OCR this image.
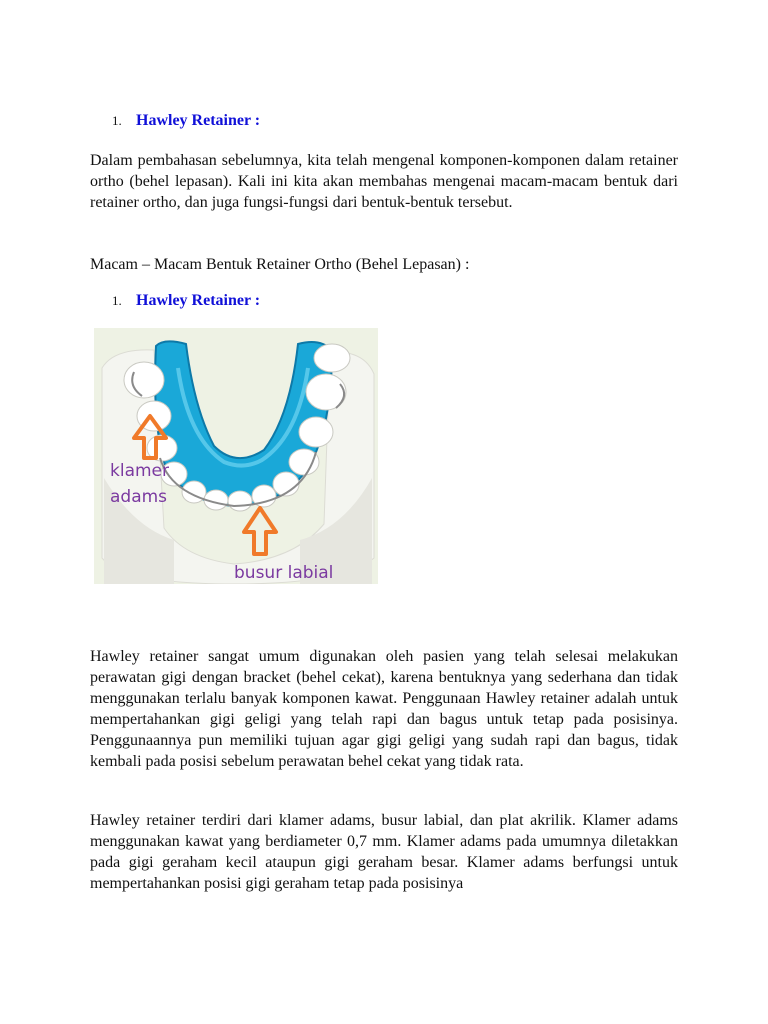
1. Hawley Retainer :

Dalam pembahasan sebelumnya, kita telah mengenal komponen-komponen dalam retainer ortho (behel lepasan). Kali ini kita akan membahas mengenai macam-macam bentuk dari retainer ortho, dan juga fungsi-fungsi dari bentuk-bentuk tersebut.

Macam – Macam Bentuk Retainer Ortho (Behel Lepasan) :

1. Hawley Retainer :
klamer
adams
busur labial

Hawley retainer sangat umum digunakan oleh pasien yang telah selesai melakukan perawatan gigi dengan bracket (behel cekat), karena bentuknya yang sederhana dan tidak menggunakan terlalu banyak komponen kawat. Penggunaan Hawley retainer adalah untuk mempertahankan gigi geligi yang telah rapi dan bagus untuk tetap pada posisinya. Penggunaannya pun memiliki tujuan agar gigi geligi yang sudah rapi dan bagus, tidak kembali pada posisi sebelum perawatan behel cekat yang tidak rata.

Hawley retainer terdiri dari klamer adams, busur labial, dan plat akrilik. Klamer adams menggunakan kawat yang berdiameter 0,7 mm. Klamer adams pada umumnya diletakkan pada gigi geraham kecil ataupun gigi geraham besar. Klamer adams berfungsi untuk mempertahankan posisi gigi geraham tetap pada posisinya
